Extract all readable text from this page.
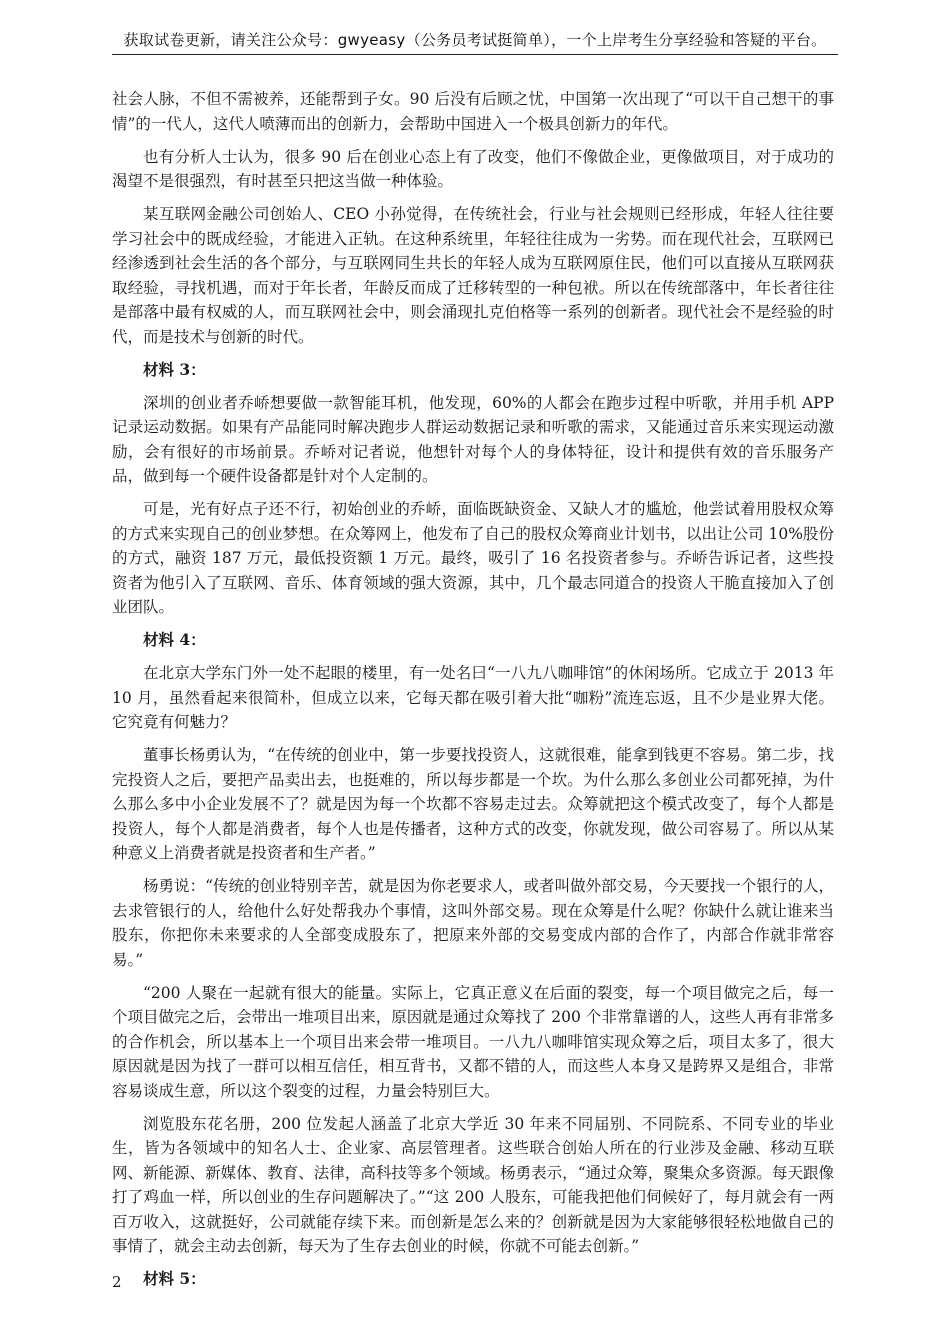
获取试卷更新，请关注公众号：gwyeasy（公务员考试挺简单），一个上岸考生分享经验和答疑的平台。

社会人脉，不但不需被养，还能帮到子女。90 后没有后顾之忧，中国第一次出现了“可以干自己想干的事情”的一代人，这代人喷薄而出的创新力，会帮助中国进入一个极具创新力的年代。

也有分析人士认为，很多 90 后在创业心态上有了改变，他们不像做企业，更像做项目，对于成功的渴望不是很强烈，有时甚至只把这当做一种体验。

某互联网金融公司创始人、CEO 小孙觉得，在传统社会，行业与社会规则已经形成，年轻人往往要学习社会中的既成经验，才能进入正轨。在这种系统里，年轻往往成为一劣势。而在现代社会，互联网已经渗透到社会生活的各个部分，与互联网同生共长的年轻人成为互联网原住民，他们可以直接从互联网获取经验，寻找机遇，而对于年长者，年龄反而成了迁移转型的一种包袱。所以在传统部落中，年长者往往是部落中最有权威的人，而互联网社会中，则会涌现扎克伯格等一系列的创新者。现代社会不是经验的时代，而是技术与创新的时代。

材料 3：

深圳的创业者乔峤想要做一款智能耳机，他发现，60%的人都会在跑步过程中听歌，并用手机 APP 记录运动数据。如果有产品能同时解决跑步人群运动数据记录和听歌的需求，又能通过音乐来实现运动激励，会有很好的市场前景。乔峤对记者说，他想针对每个人的身体特征，设计和提供有效的音乐服务产品，做到每一个硬件设备都是针对个人定制的。

可是，光有好点子还不行，初始创业的乔峤，面临既缺资金、又缺人才的尴尬，他尝试着用股权众筹的方式来实现自己的创业梦想。在众筹网上，他发布了自己的股权众筹商业计划书，以出让公司 10%股份的方式，融资 187 万元，最低投资额 1 万元。最终，吸引了 16 名投资者参与。乔峤告诉记者，这些投资者为他引入了互联网、音乐、体育领域的强大资源，其中，几个最志同道合的投资人干脆直接加入了创业团队。

材料 4：

在北京大学东门外一处不起眼的楼里，有一处名曰“一八九八咖啡馆”的休闲场所。它成立于 2013 年 10 月，虽然看起来很简朴，但成立以来，它每天都在吸引着大批“咖粉”流连忘返，且不少是业界大佬。它究竟有何魅力？

董事长杨勇认为，“在传统的创业中，第一步要找投资人，这就很难，能拿到钱更不容易。第二步，找完投资人之后，要把产品卖出去，也挺难的，所以每步都是一个坎。为什么那么多创业公司都死掉，为什么那么多中小企业发展不了？就是因为每一个坎都不容易走过去。众筹就把这个模式改变了，每个人都是投资人，每个人都是消费者，每个人也是传播者，这种方式的改变，你就发现，做公司容易了。所以从某种意义上消费者就是投资者和生产者。”

杨勇说：“传统的创业特别辛苦，就是因为你老要求人，或者叫做外部交易，今天要找一个银行的人，去求管银行的人，给他什么好处帮我办个事情，这叫外部交易。现在众筹是什么呢？你缺什么就让谁来当股东，你把你未来要求的人全部变成股东了，把原来外部的交易变成内部的合作了，内部合作就非常容易。”

“200 人聚在一起就有很大的能量。实际上，它真正意义在后面的裂变，每一个项目做完之后，每一个项目做完之后，会带出一堆项目出来，原因就是通过众筹找了 200 个非常靠谱的人，这些人再有非常多的合作机会，所以基本上一个项目出来会带一堆项目。一八九八咖啡馆实现众筹之后，项目太多了，很大原因就是因为找了一群可以相互信任，相互背书，又都不错的人，而这些人本身又是跨界又是组合，非常容易谈成生意，所以这个裂变的过程，力量会特别巨大。

浏览股东花名册，200 位发起人涵盖了北京大学近 30 年来不同届别、不同院系、不同专业的毕业生，皆为各领域中的知名人士、企业家、高层管理者。这些联合创始人所在的行业涉及金融、移动互联网、新能源、新媒体、教育、法律，高科技等多个领域。杨勇表示，“通过众筹，聚集众多资源。每天跟像打了鸡血一样，所以创业的生存问题解决了。”“这 200 人股东，可能我把他们伺候好了，每月就会有一两百万收入，这就挺好，公司就能存续下来。而创新是怎么来的？创新就是因为大家能够很轻松地做自己的事情了，就会主动去创新，每天为了生存去创业的时候，你就不可能去创新。”

材料 5：
2
